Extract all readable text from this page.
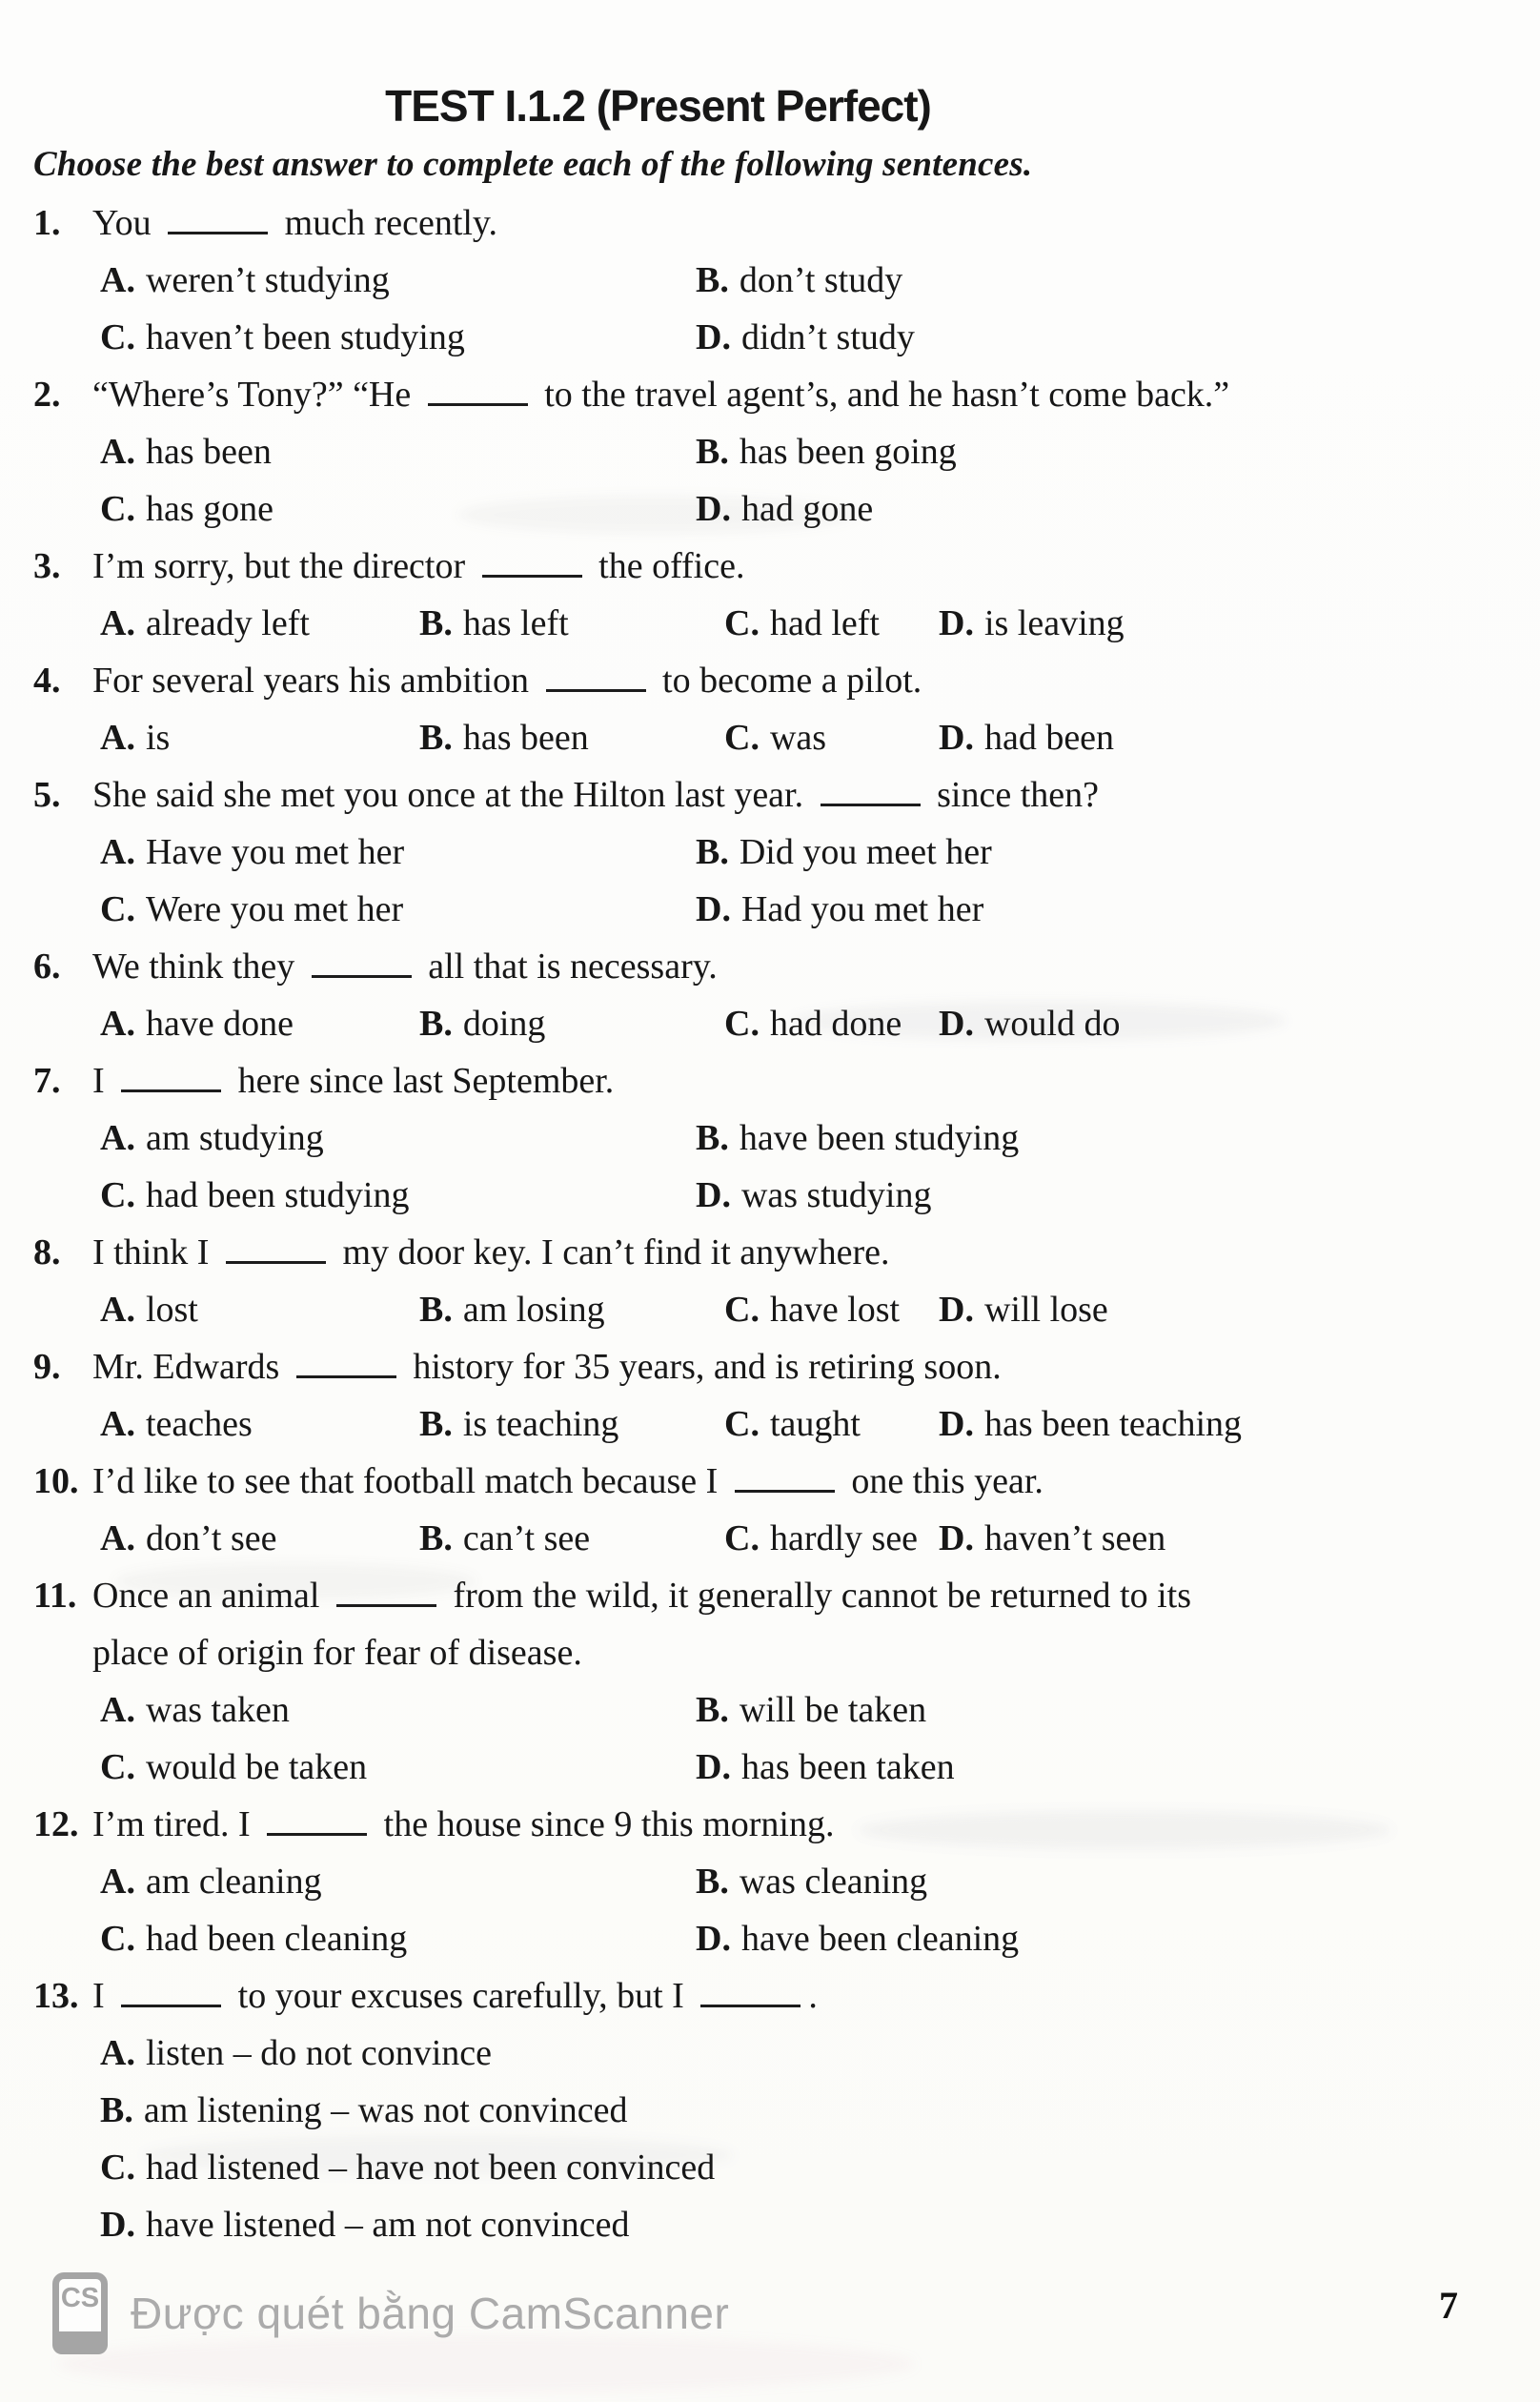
TEST I.1.2 (Present Perfect)

Choose the best answer to complete each of the following sentences.

1. You	much recently.

A. weren’t studying	B. don’t study
C. haven’t been studying	D. didn’t study
2. “Where’s Tony?” “He	to the travel agent’s, and he hasn’t come back.”

A. has been	B. has been going
C. has gone	D. had gone
3. I’m sorry, but the director	the office.

A. already left	B. has left	C. had left	D. is leaving
4. For several years his ambition	to become a pilot.

A. is	B. has been	C. was	D. had been
5. She said she met you once at the Hilton last year.	since then?

A. Have you met her	B. Did you meet her
C. Were you met her	D. Had you met her
6. We think they	all that is necessary.

A. have done	B. doing	C. had done	D. would do
7. I	here since last September.

A. am studying	B. have been studying
C. had been studying	D. was studying
8. I think I	my door key. I can’t find it anywhere.

A. lost	B. am losing	C. have lost	D. will lose
9. Mr. Edwards	history for 35 years, and is retiring soon.

A. teaches	B. is teaching	C. taught	D. has been teaching
10. I’d like to see that football match because I	one this year.

A. don’t see	B. can’t see	C. hardly see D. haven’t seen
11. Once an animal	from the wild, it generally cannot be returned to its
place of origin for fear of disease.

A. was taken	B. will be taken
C. would be taken	D. has been taken
12. I’m tired. I	the house since 9 this morning.

A. am cleaning	B. was cleaning
C. had been cleaning	D. have been cleaning
13. I	to your excuses carefully, but I	.

A. listen – do not convince
B. am listening – was not convinced
C. had listened – have not been convinced
D. have listened – am not convinced
CS Được quét bằng CamScanner	7
